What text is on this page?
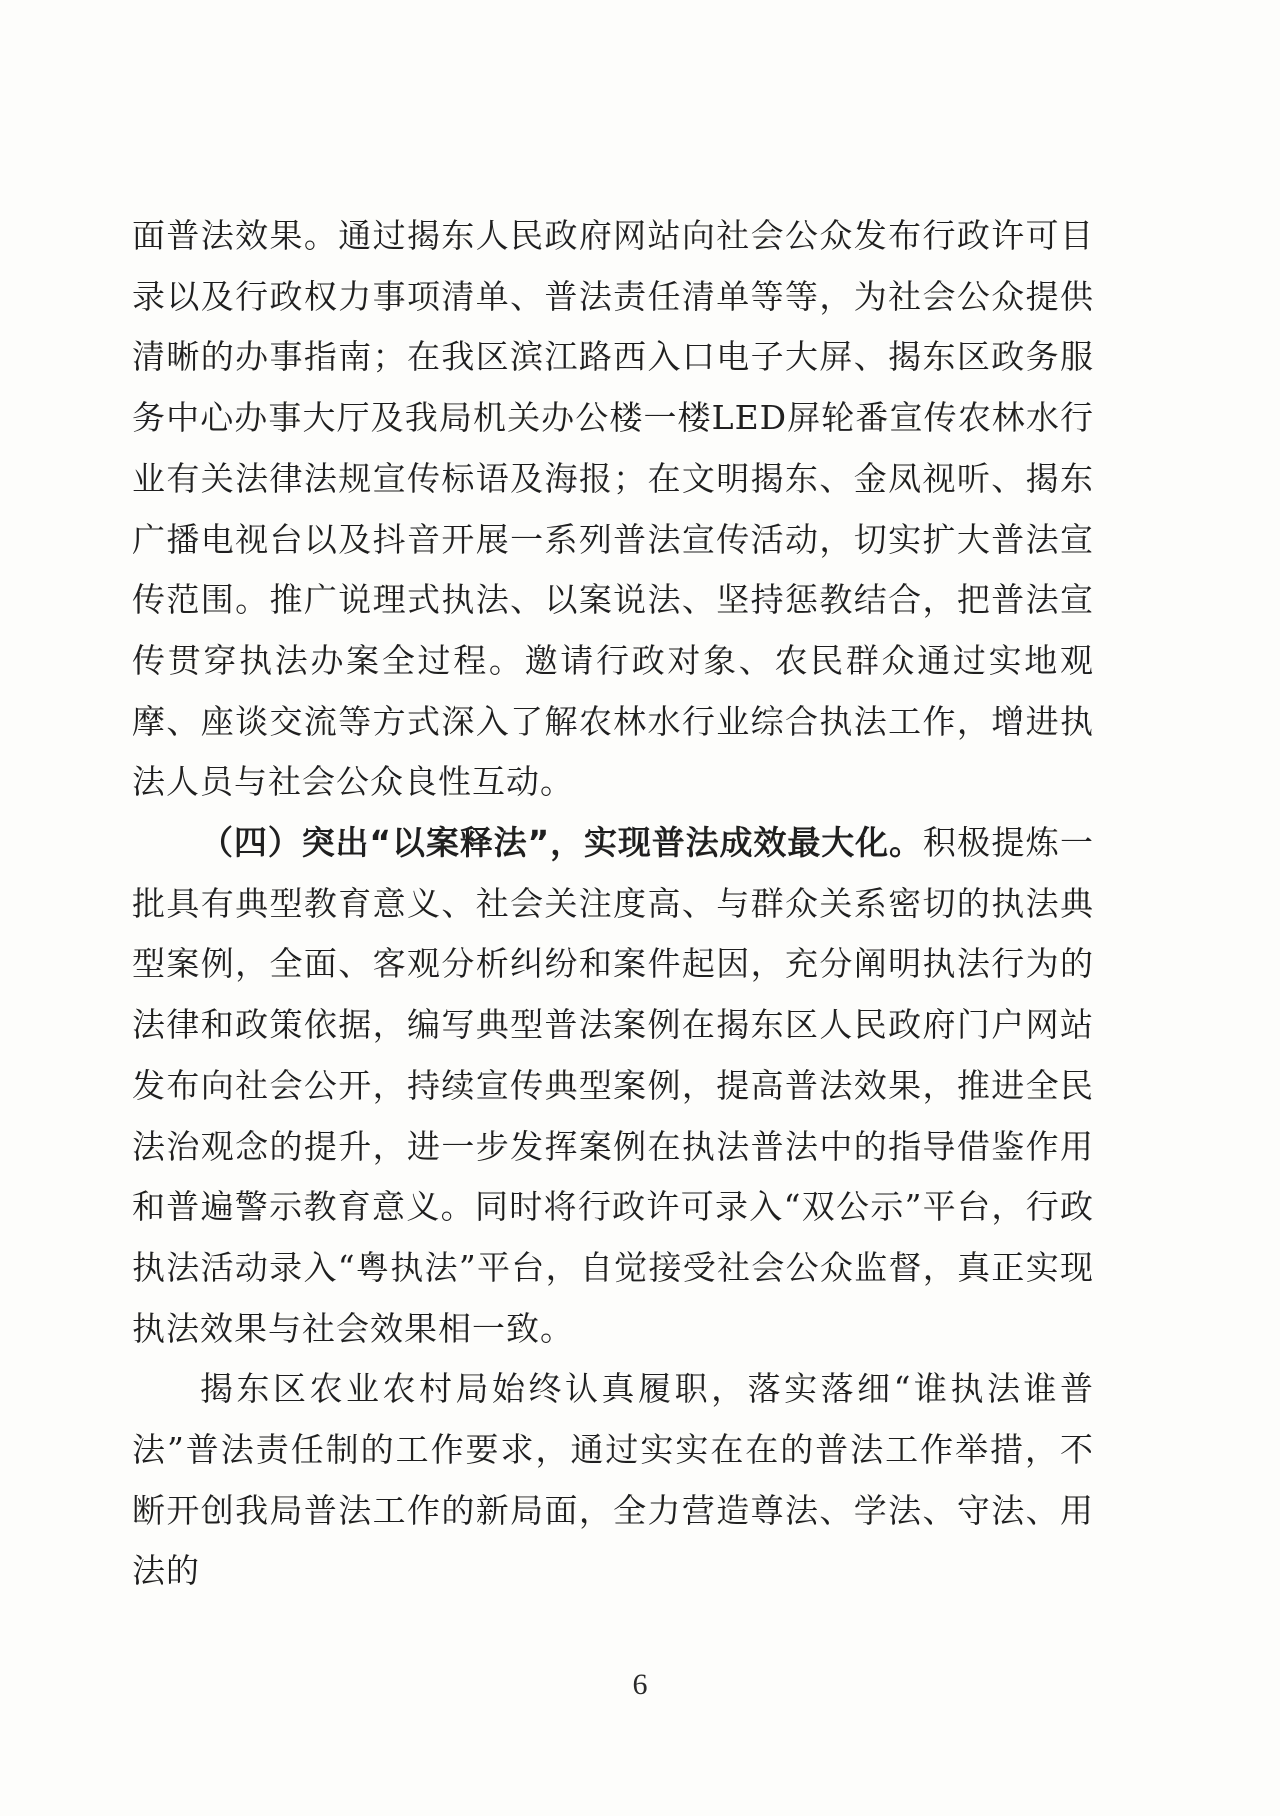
面普法效果。通过揭东人民政府网站向社会公众发布行政许可目录以及行政权力事项清单、普法责任清单等等，为社会公众提供清晰的办事指南；在我区滨江路西入口电子大屏、揭东区政务服务中心办事大厅及我局机关办公楼一楼LED屏轮番宣传农林水行业有关法律法规宣传标语及海报；在文明揭东、金凤视听、揭东广播电视台以及抖音开展一系列普法宣传活动，切实扩大普法宣传范围。推广说理式执法、以案说法、坚持惩教结合，把普法宣传贯穿执法办案全过程。邀请行政对象、农民群众通过实地观摩、座谈交流等方式深入了解农林水行业综合执法工作，增进执法人员与社会公众良性互动。

（四）突出“以案释法”，实现普法成效最大化。积极提炼一批具有典型教育意义、社会关注度高、与群众关系密切的执法典型案例，全面、客观分析纠纷和案件起因，充分阐明执法行为的法律和政策依据，编写典型普法案例在揭东区人民政府门户网站发布向社会公开，持续宣传典型案例，提高普法效果，推进全民法治观念的提升，进一步发挥案例在执法普法中的指导借鉴作用和普遍警示教育意义。同时将行政许可录入“双公示”平台，行政执法活动录入“粤执法”平台，自觉接受社会公众监督，真正实现执法效果与社会效果相一致。

揭东区农业农村局始终认真履职，落实落细“谁执法谁普法”普法责任制的工作要求，通过实实在在的普法工作举措，不断开创我局普法工作的新局面，全力营造尊法、学法、守法、用法的

6
